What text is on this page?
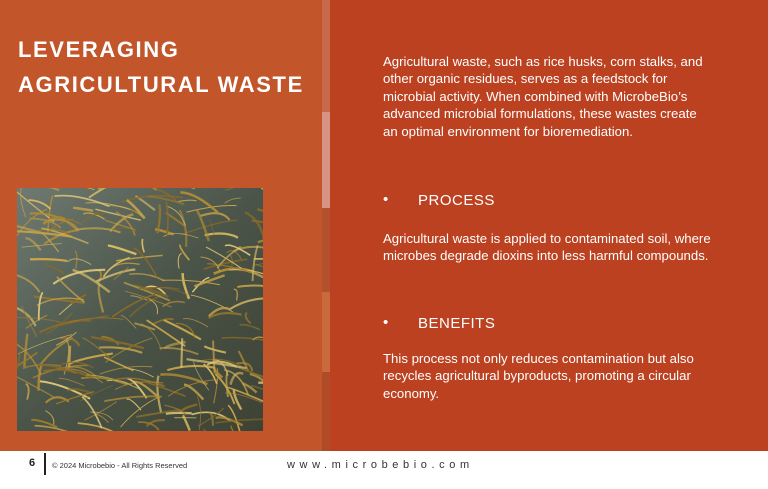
LEVERAGING AGRICULTURAL WASTE

Agricultural waste, such as rice husks, corn stalks, and other organic residues, serves as a feedstock for microbial activity. When combined with MicrobeBio’s advanced microbial formulations, these wastes create an optimal environment for bioremediation.

• PROCESS

Agricultural waste is applied to contaminated soil, where microbes degrade dioxins into less harmful compounds.

• BENEFITS

This process not only reduces contamination but also recycles agricultural byproducts, promoting a circular economy.

6 © 2024 Microbebio - All Rights Reserved	www.microbebio.com
